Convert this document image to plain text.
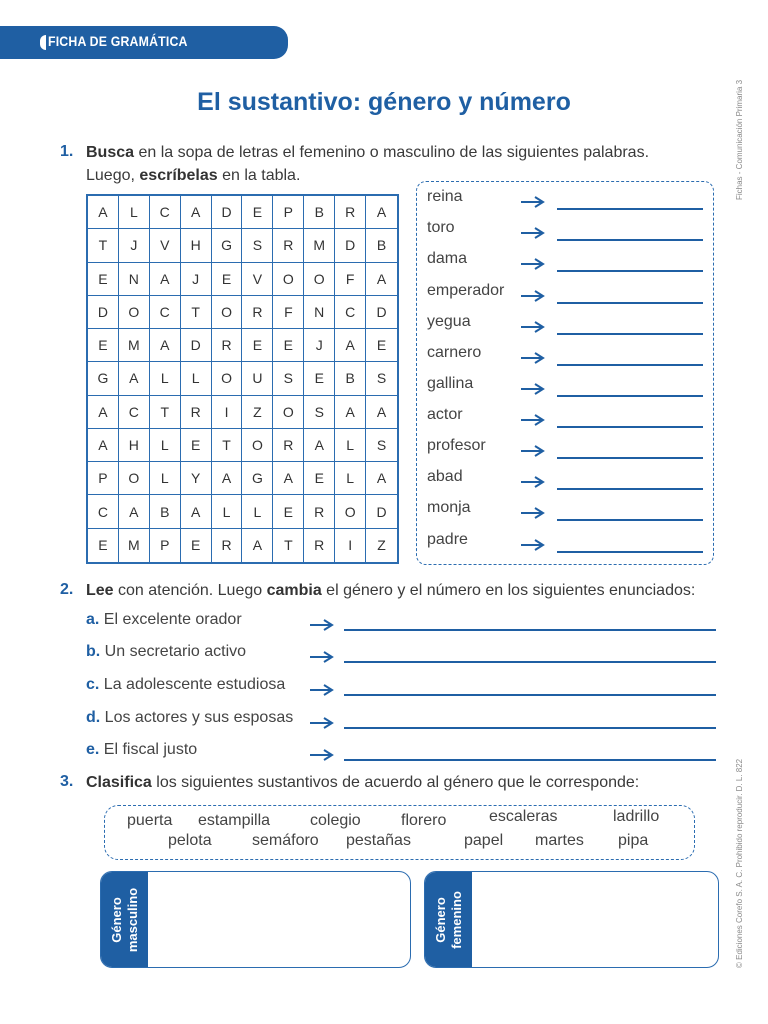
FICHA DE GRAMÁTICA
Fichas - Comunicación Primaria 3
© Ediciones Corefo S. A. C. Prohibido reproducir. D. L. 822
El sustantivo: género y número
1. Busca en la sopa de letras el femenino o masculino de las siguientes palabras.
Luego, escríbelas en la tabla.
A	L	C	A	D	E	P	B	R	A
T	J	V	H	G	S	R	M	D	B
E	N	A	J	E	V	O	O	F	A
D	O	C	T	O	R	F	N	C	D
E	M	A	D	R	E	E	J	A	E
G	A	L	L	O	U	S	E	B	S
A	C	T	R	I	Z	O	S	A	A
A	H	L	E	T	O	R	A	L	S
P	O	L	Y	A	G	A	E	L	A
C	A	B	A	L	L	E	R	O	D
E	M	P	E	R	A	T	R	I	Z
reina
toro
dama
emperador
yegua
carnero
gallina
actor
profesor
abad
monja
padre
2. Lee con atención. Luego cambia el género y el número en los siguientes enunciados:
a. El excelente orador
b. Un secretario activo
c. La adolescente estudiosa
d. Los actores y sus esposas
e. El fiscal justo
3. Clasifica los siguientes sustantivos de acuerdo al género que le corresponde:
puerta estampilla colegio	florero	escaleras	ladrillo
pelota	semáforo pestañas	papel martes pipa
Género masculino	Género femenino
